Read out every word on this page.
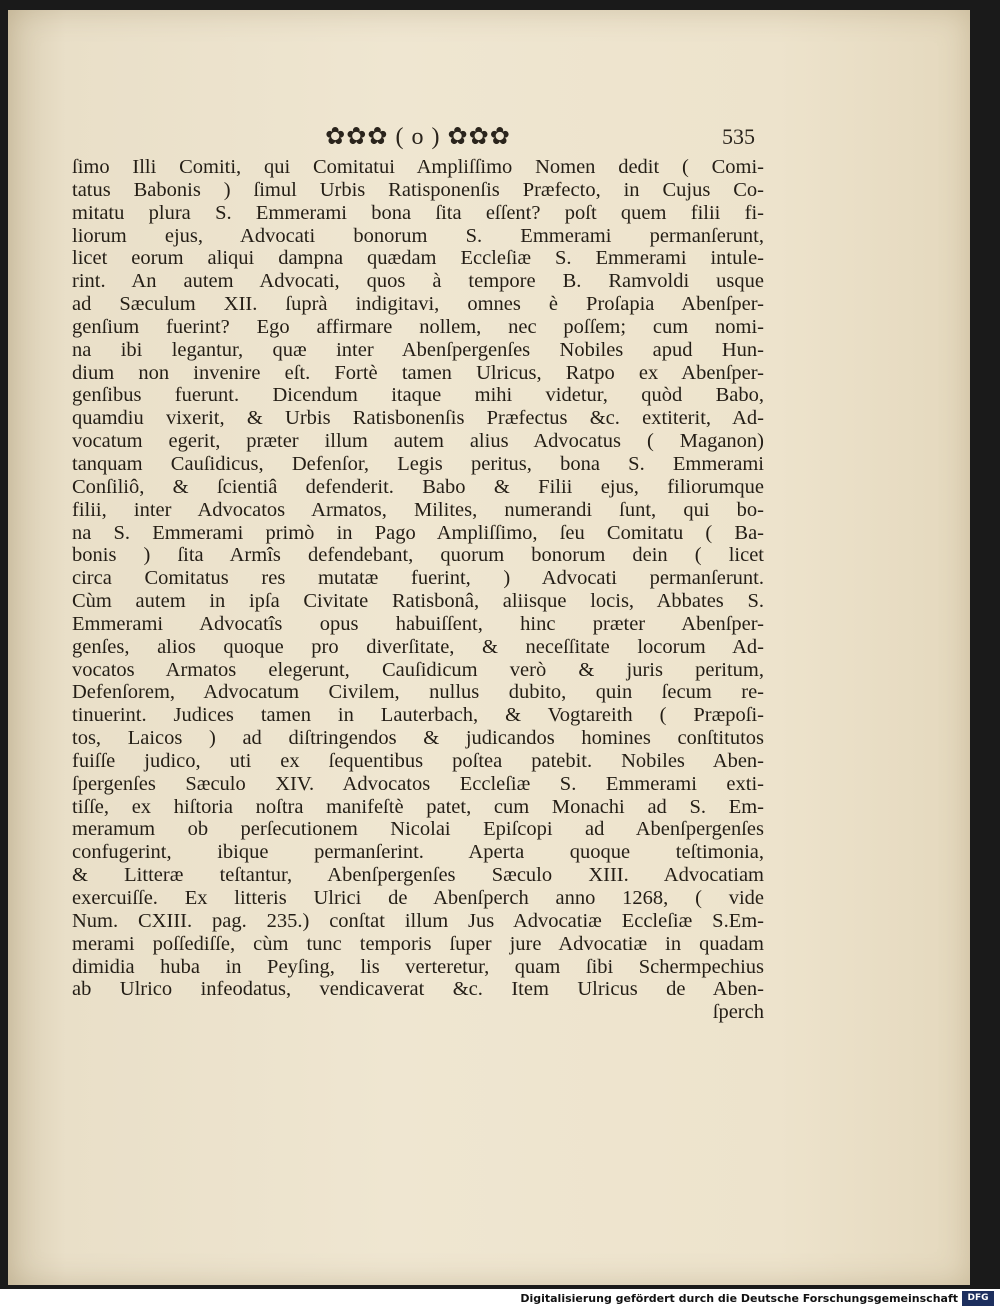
✿✿✿ ( o ) ✿✿✿	535
ſimo Illi Comiti, qui Comitatui Ampliſſimo Nomen dedit ( Comi-
tatus Babonis ) ſimul Urbis Ratisponenſis Præfecto, in Cujus Co-
mitatu plura S. Emmerami bona ſita eſſent? poſt quem filii fi-
liorum ejus, Advocati bonorum S. Emmerami permanſerunt,
licet eorum aliqui dampna quædam Eccleſiæ S. Emmerami intule-
rint. An autem Advocati, quos à tempore B. Ramvoldi usque
ad Sæculum XII. ſuprà indigitavi, omnes è Proſapia Abenſper-
genſium fuerint? Ego affirmare nollem, nec poſſem; cum nomi-
na ibi legantur, quæ inter Abenſpergenſes Nobiles apud Hun-
dium non invenire eſt. Fortè tamen Ulricus, Ratpo ex Abenſper-
genſibus fuerunt. Dicendum itaque mihi videtur, quòd Babo,
quamdiu vixerit, & Urbis Ratisbonenſis Præfectus &c. extiterit, Ad-
vocatum egerit, præter illum autem alius Advocatus ( Maganon)
tanquam Cauſidicus, Defenſor, Legis peritus, bona S. Emmerami
Conſiliô, & ſcientiâ defenderit. Babo & Filii ejus, filiorumque
filii, inter Advocatos Armatos, Milites, numerandi ſunt, qui bo-
na S. Emmerami primò in Pago Ampliſſimo, ſeu Comitatu ( Ba-
bonis ) ſita Armîs defendebant, quorum bonorum dein ( licet
circa Comitatus res mutatæ fuerint, ) Advocati permanſerunt.
Cùm autem in ipſa Civitate Ratisbonâ, aliisque locis, Abbates S.
Emmerami Advocatîs opus habuiſſent, hinc præter Abenſper-
genſes, alios quoque pro diverſitate, & neceſſitate locorum Ad-
vocatos Armatos elegerunt, Cauſidicum verò & juris peritum,
Defenſorem, Advocatum Civilem, nullus dubito, quin ſecum re-
tinuerint. Judices tamen in Lauterbach, & Vogtareith ( Præpoſi-
tos, Laicos ) ad diſtringendos & judicandos homines conſtitutos
fuiſſe judico, uti ex ſequentibus poſtea patebit. Nobiles Aben-
ſpergenſes Sæculo XIV. Advocatos Eccleſiæ S. Emmerami exti-
tiſſe, ex hiſtoria noſtra manifeſtè patet, cum Monachi ad S. Em-
meramum ob perſecutionem Nicolai Epiſcopi ad Abenſpergenſes
confugerint, ibique permanſerint. Aperta quoque teſtimonia,
& Litteræ teſtantur, Abenſpergenſes Sæculo XIII. Advocatiam
exercuiſſe. Ex litteris Ulrici de Abenſperch anno 1268, ( vide
Num. CXIII. pag. 235.) conſtat illum Jus Advocatiæ Eccleſiæ S.Em-
merami poſſediſſe, cùm tunc temporis ſuper jure Advocatiæ in quadam
dimidia huba in Peyſing, lis verteretur, quam ſibi Schermpechius
ab Ulrico infeodatus, vendicaverat &c. Item Ulricus de Aben-
ſperch
Digitalisierung gefördert durch die Deutsche Forschungsgemeinschaft	DFG
